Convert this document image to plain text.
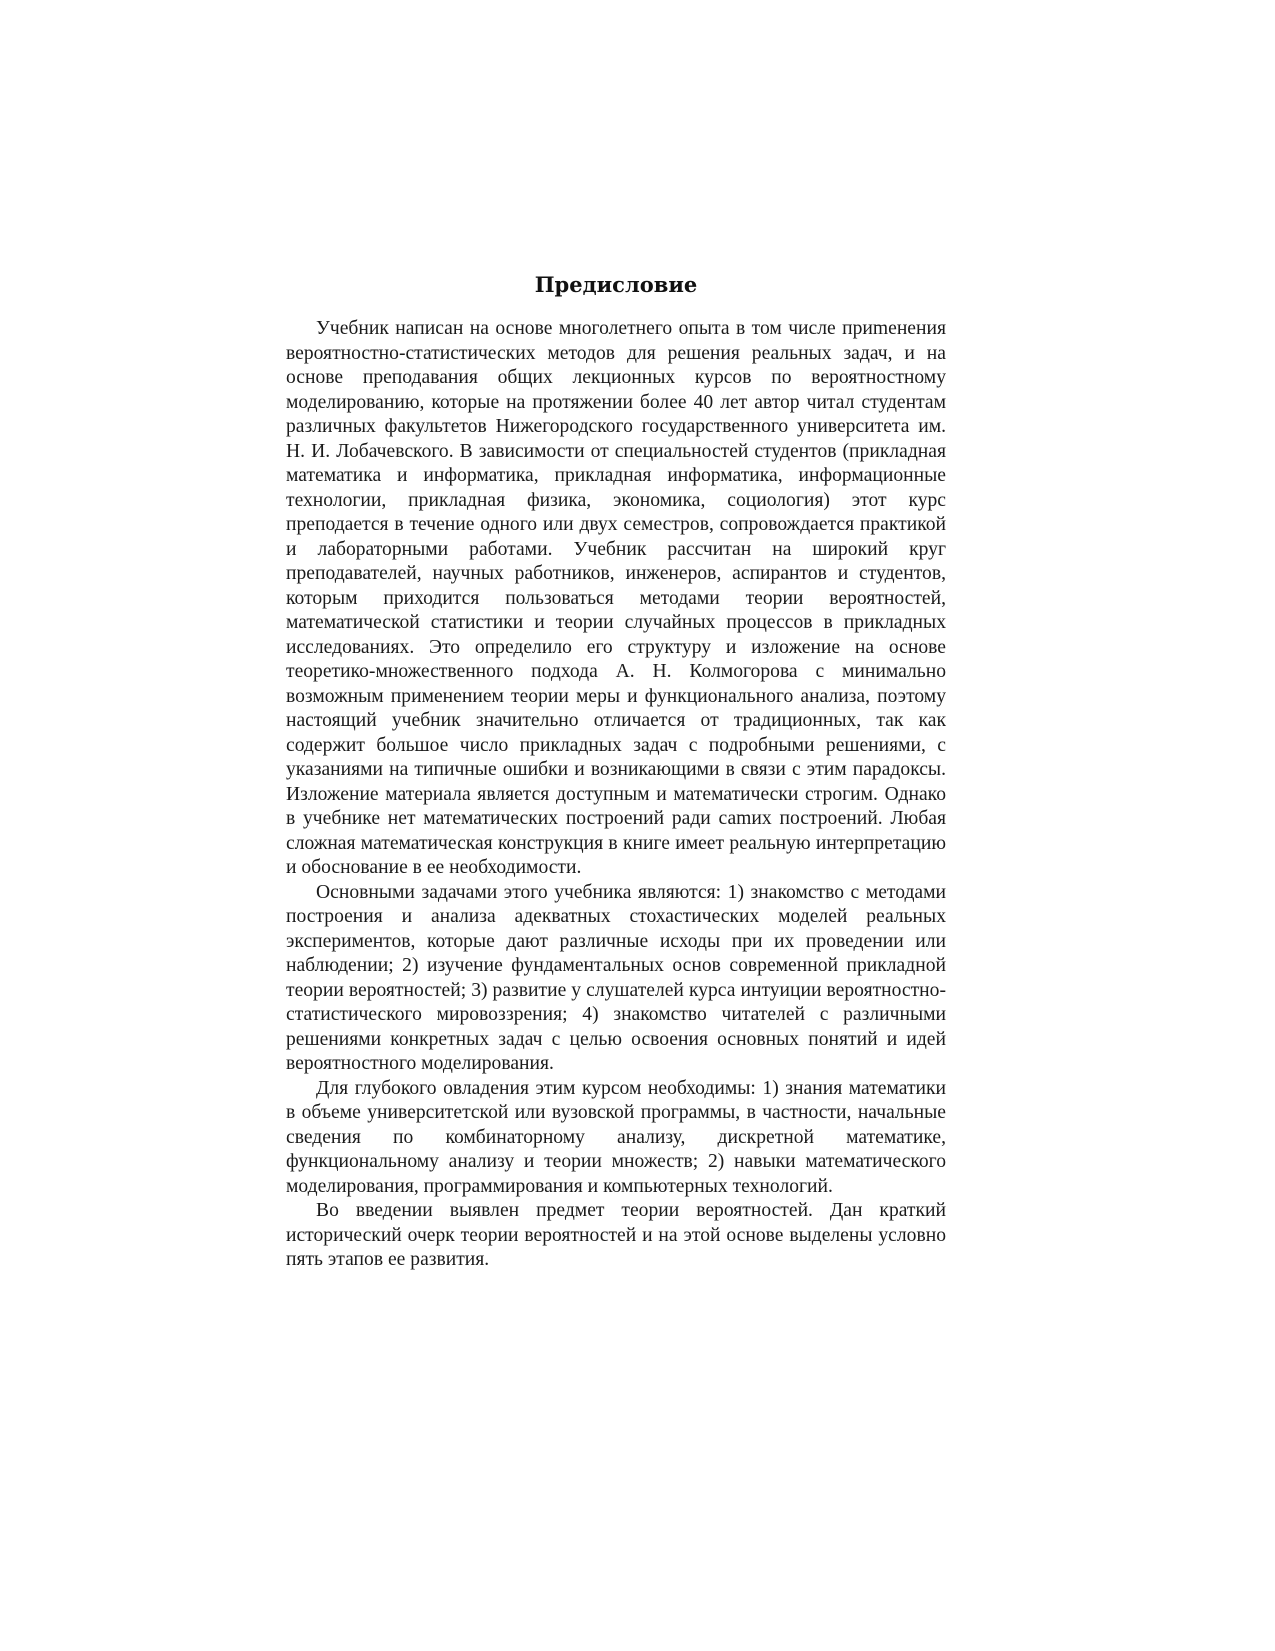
Предисловие

Учебник написан на основе многолетнего опыта в том числе приmенения вероятностно-статистических методов для решения реальных задач, и на основе преподавания общих лекционных курсов по вероятностному моделированию, которые на протяжении более 40 лет автор читал студентам различных факультетов Нижегородского государственного университета им. Н. И. Лобачевского. В зависимости от специальностей студентов (прикладная математика и информатика, прикладная информатика, информационные технологии, прикладная физика, экономика, социология) этот курс преподается в течение одного или двух семестров, сопровождается практикой и лабораторными работами. Учебник рассчитан на широкий круг преподавателей, научных работников, инженеров, аспирантов и студентов, которым приходится пользоваться методами теории вероятностей, математической статистики и теории случайных процессов в прикладных исследованиях. Это определило его структуру и изложение на основе теоретико-множественного подхода А. Н. Колмогорова с минимально возможным применением теории меры и функционального анализа, поэтому настоящий учебник значительно отличается от традиционных, так как содержит большое число прикладных задач с подробными решениями, с указаниями на типичные ошибки и возникающими в связи с этим парадоксы. Изложение материала является доступным и математически строгим. Однако в учебнике нет математических построений ради саmих построений. Любая сложная математическая конструкция в книге имеет реальную интерпретацию и обоснование в ее необходимости.

Основными задачами этого учебника являются: 1) знакомство с методами построения и анализа адекватных стохастических моделей реальных экспериментов, которые дают различные исходы при их проведении или наблюдении; 2) изучение фундаментальных основ современной прикладной теории вероятностей; 3) развитие у слушателей курса интуиции вероятностно-статистического мировоззрения; 4) знакомство читателей с различными решениями конкретных задач с целью освоения основных понятий и идей вероятностного моделирования.

Для глубокого овладения этим курсом необходимы: 1) знания математики в объеме университетской или вузовской программы, в частности, начальные сведения по комбинаторному анализу, дискретной математике, функциональному анализу и теории множеств; 2) навыки математического моделирования, программирования и компьютерных технологий.

Во введении выявлен предмет теории вероятностей. Дан краткий исторический очерк теории вероятностей и на этой основе выделены условно пять этапов ее развития.
